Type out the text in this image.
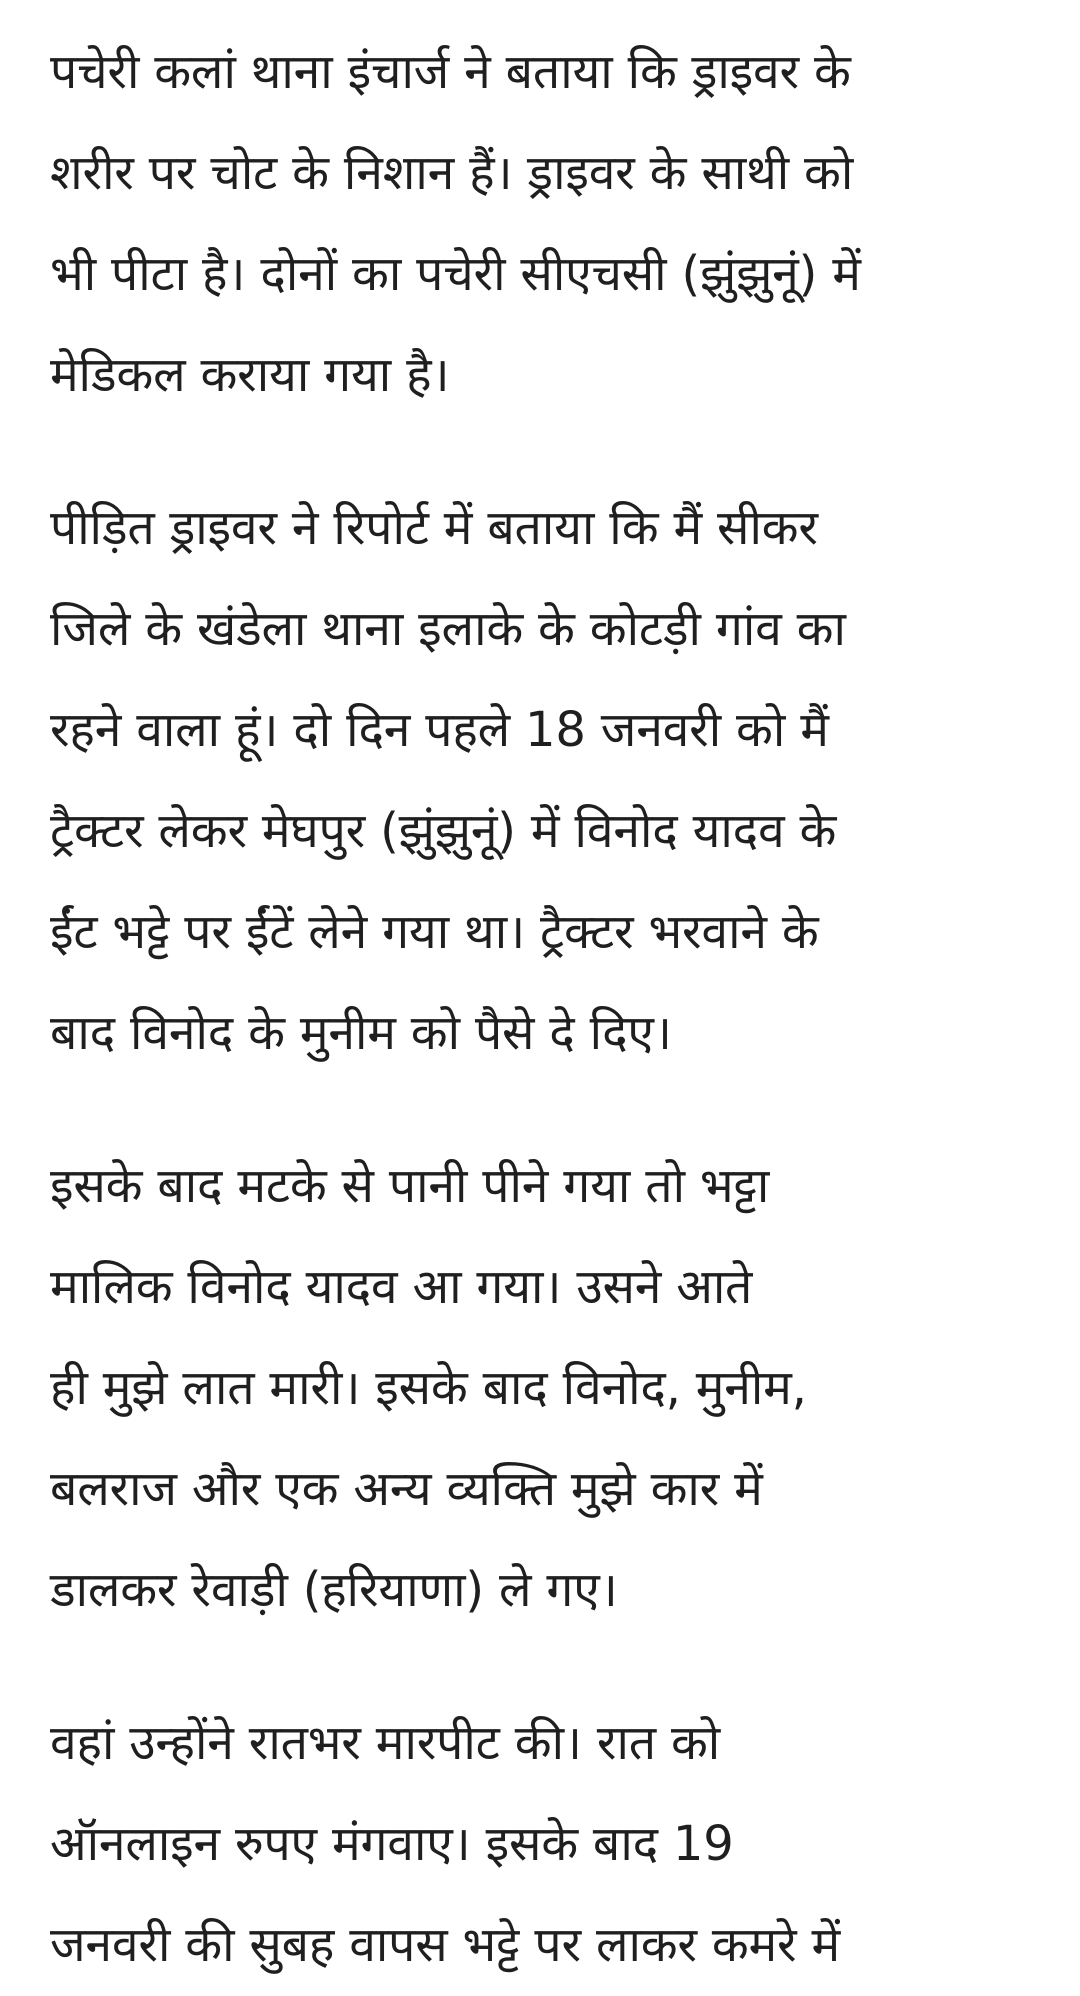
पचेरी कलां थाना इंचार्ज ने बताया कि ड्राइवर के
शरीर पर चोट के निशान हैं। ड्राइवर के साथी को
भी पीटा है। दोनों का पचेरी सीएचसी (झुंझुनूं) में
मेडिकल कराया गया है।
पीड़ित ड्राइवर ने रिपोर्ट में बताया कि मैं सीकर
जिले के खंडेला थाना इलाके के कोटड़ी गांव का
रहने वाला हूं। दो दिन पहले 18 जनवरी को मैं
ट्रैक्टर लेकर मेघपुर (झुंझुनूं) में विनोद यादव के
ईंट भट्टे पर ईंटें लेने गया था। ट्रैक्टर भरवाने के
बाद विनोद के मुनीम को पैसे दे दिए।
इसके बाद मटके से पानी पीने गया तो भट्टा
मालिक विनोद यादव आ गया। उसने आते
ही मुझे लात मारी। इसके बाद विनोद, मुनीम,
बलराज और एक अन्य व्यक्ति मुझे कार में
डालकर रेवाड़ी (हरियाणा) ले गए।
वहां उन्होंने रातभर मारपीट की। रात को
ऑनलाइन रुपए मंगवाए। इसके बाद 19
जनवरी की सुबह वापस भट्टे पर लाकर कमरे में
